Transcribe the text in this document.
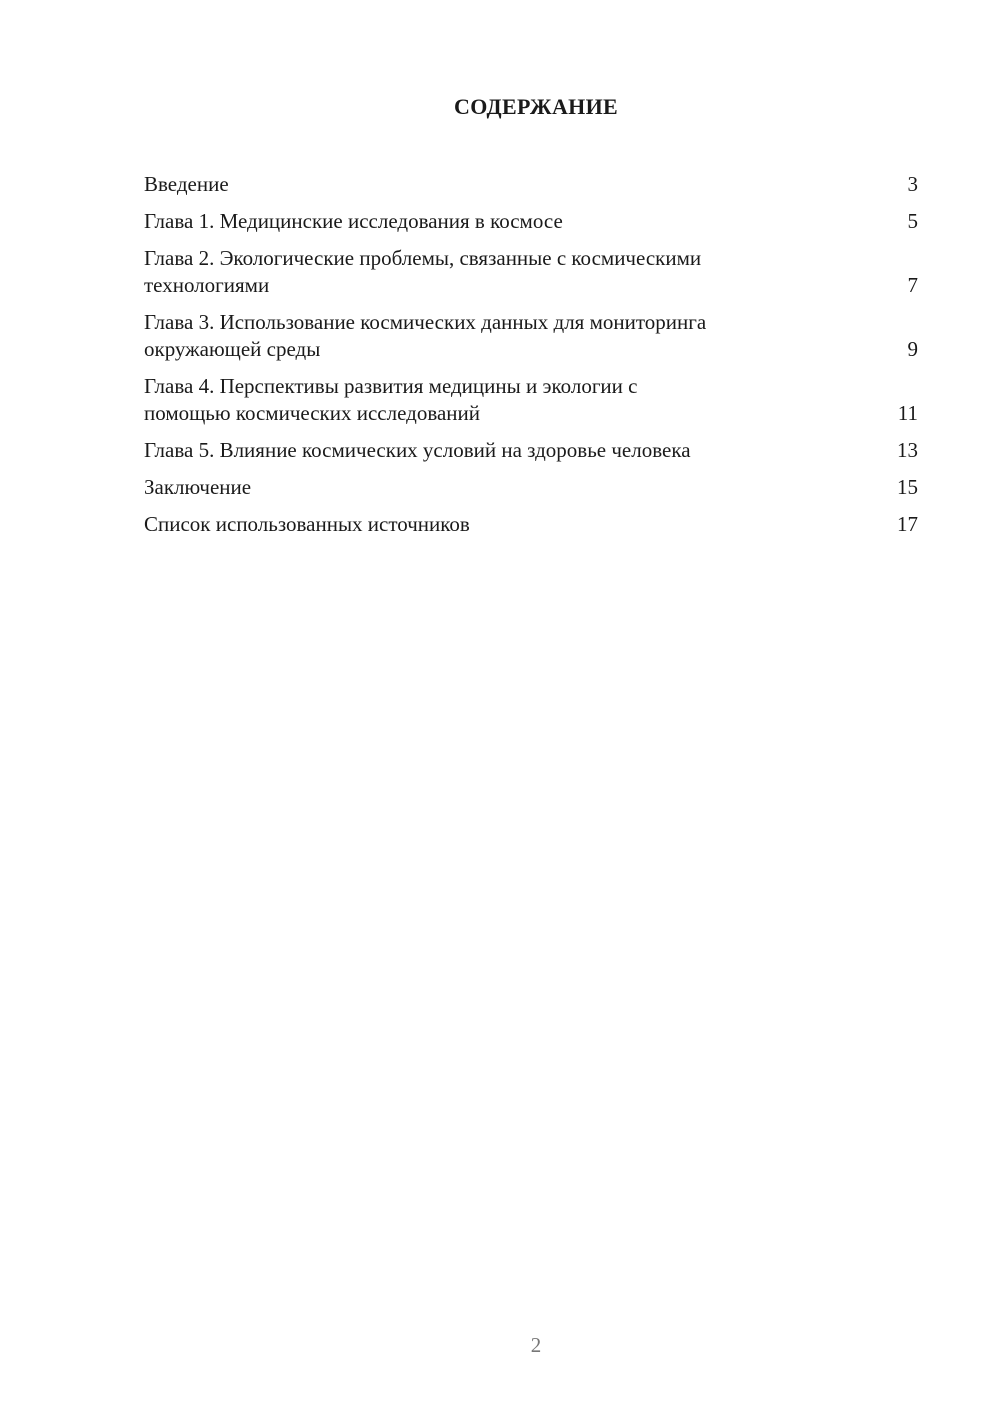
СОДЕРЖАНИЕ
Введение	3
Глава 1. Медицинские исследования в космосе	5
Глава 2. Экологические проблемы, связанные с космическими
технологиями	7
Глава 3. Использование космических данных для мониторинга
окружающей среды	9
Глава 4. Перспективы развития медицины и экологии с
помощью космических исследований	11
Глава 5. Влияние космических условий на здоровье человека	13
Заключение	15
Список использованных источников	17
2
